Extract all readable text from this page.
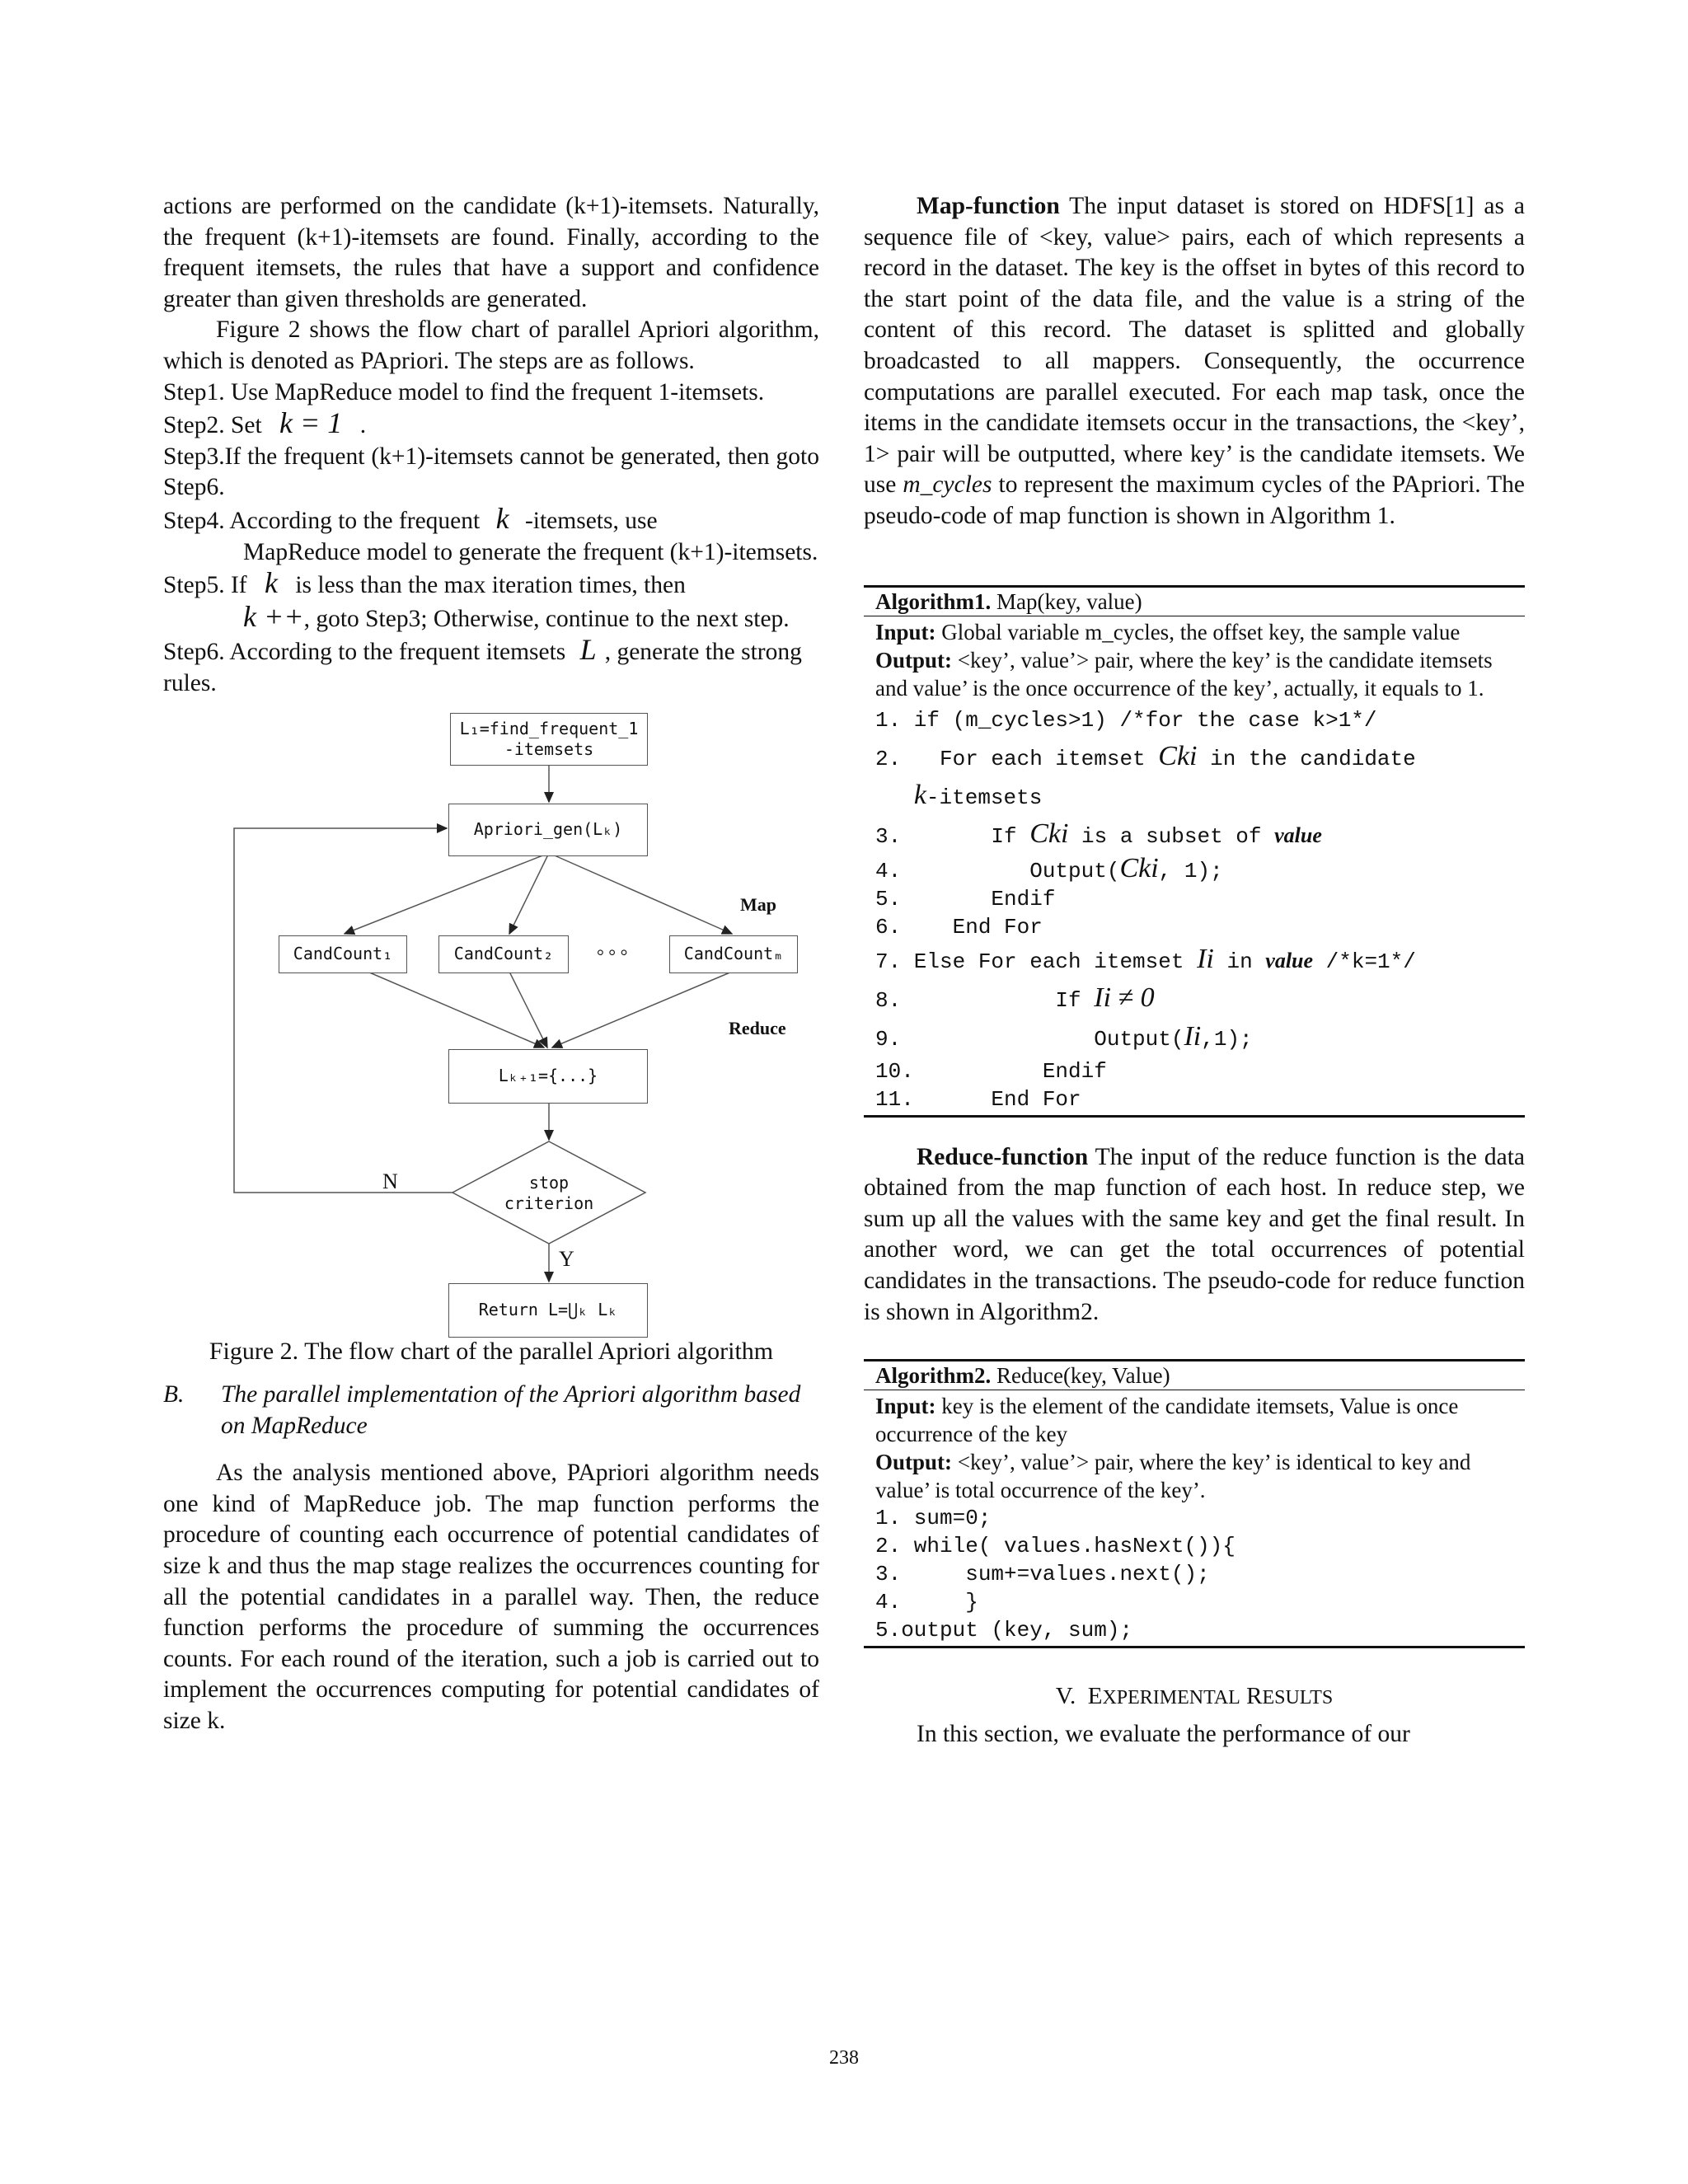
actions are performed on the candidate (k+1)-itemsets. Naturally, the frequent (k+1)-itemsets are found. Finally, according to the frequent itemsets, the rules that have a support and confidence greater than given thresholds are generated.

Figure 2 shows the flow chart of parallel Apriori algorithm, which is denoted as PApriori. The steps are as follows.

Step1. Use MapReduce model to find the frequent 1-itemsets.

Step2. Set k = 1 .

Step3.If the frequent (k+1)-itemsets cannot be generated, then goto Step6.

Step4. According to the frequent k -itemsets, use

MapReduce model to generate the frequent (k+1)-itemsets.

Step5. If k is less than the max iteration times, then

k ++, goto Step3; Otherwise, continue to the next step.

Step6. According to the frequent itemsets L , generate the strong rules.

L₁=find_frequent_1 -itemsets
Apriori_gen(Lₖ)
CandCount₁	CandCount₂	° ° °	CandCountₘ
Map
Reduce
Lₖ₊₁={...}
stop criterion
N
Y
Return L=⋃ₖ Lₖ
Figure 2. The flow chart of the parallel Apriori algorithm
B.	The parallel implementation of the Apriori algorithm based on MapReduce

As the analysis mentioned above, PApriori algorithm needs one kind of MapReduce job. The map function performs the procedure of counting each occurrence of potential candidates of size k and thus the map stage realizes the occurrences counting for all the potential candidates in a parallel way. Then, the reduce function performs the procedure of summing the occurrences counts. For each round of the iteration, such a job is carried out to implement the occurrences computing for potential candidates of size k.

Map-function The input dataset is stored on HDFS[1] as a sequence file of <key, value> pairs, each of which represents a record in the dataset. The key is the offset in bytes of this record to the start point of the data file, and the value is a string of the content of this record. The dataset is splitted and globally broadcasted to all mappers. Consequently, the occurrence computations are parallel executed. For each map task, once the items in the candidate itemsets occur in the transactions, the <key’, 1> pair will be outputted, where key’ is the candidate itemsets. We use m_cycles to represent the maximum cycles of the PApriori. The pseudo-code of map function is shown in Algorithm 1.

Algorithm1. Map(key, value)
Input: Global variable m_cycles, the offset key, the sample value
Output: <key’, value’> pair, where the key’ is the candidate itemsets and value’ is the once occurrence of the key’, actually, it equals to 1.
1. if (m_cycles>1) /*for the case k>1*/
2.   For each itemset Cki in the candidate
k-itemsets
3.       If Cki is a subset of value
4.          Output(Cki, 1);
5.       Endif
6.    End For
7. Else For each itemset Ii in value /*k=1*/
8.            If Ii ≠ 0
9.               Output(Ii,1);
10.          Endif
11.      End For

Reduce-function The input of the reduce function is the data obtained from the map function of each host. In reduce step, we sum up all the values with the same key and get the final result. In another word, we can get the total occurrences of potential candidates in the transactions. The pseudo-code for reduce function is shown in Algorithm2.

Algorithm2. Reduce(key, Value)
Input: key is the element of the candidate itemsets, Value is once occurrence of the key
Output: <key’, value’> pair, where the key’ is identical to key and value’ is total occurrence of the key’.
1. sum=0;
2. while( values.hasNext()){
3.     sum+=values.next();
4.     }
5.output (key, sum);
V. EXPERIMENTAL RESULTS

In this section, we evaluate the performance of our

238
